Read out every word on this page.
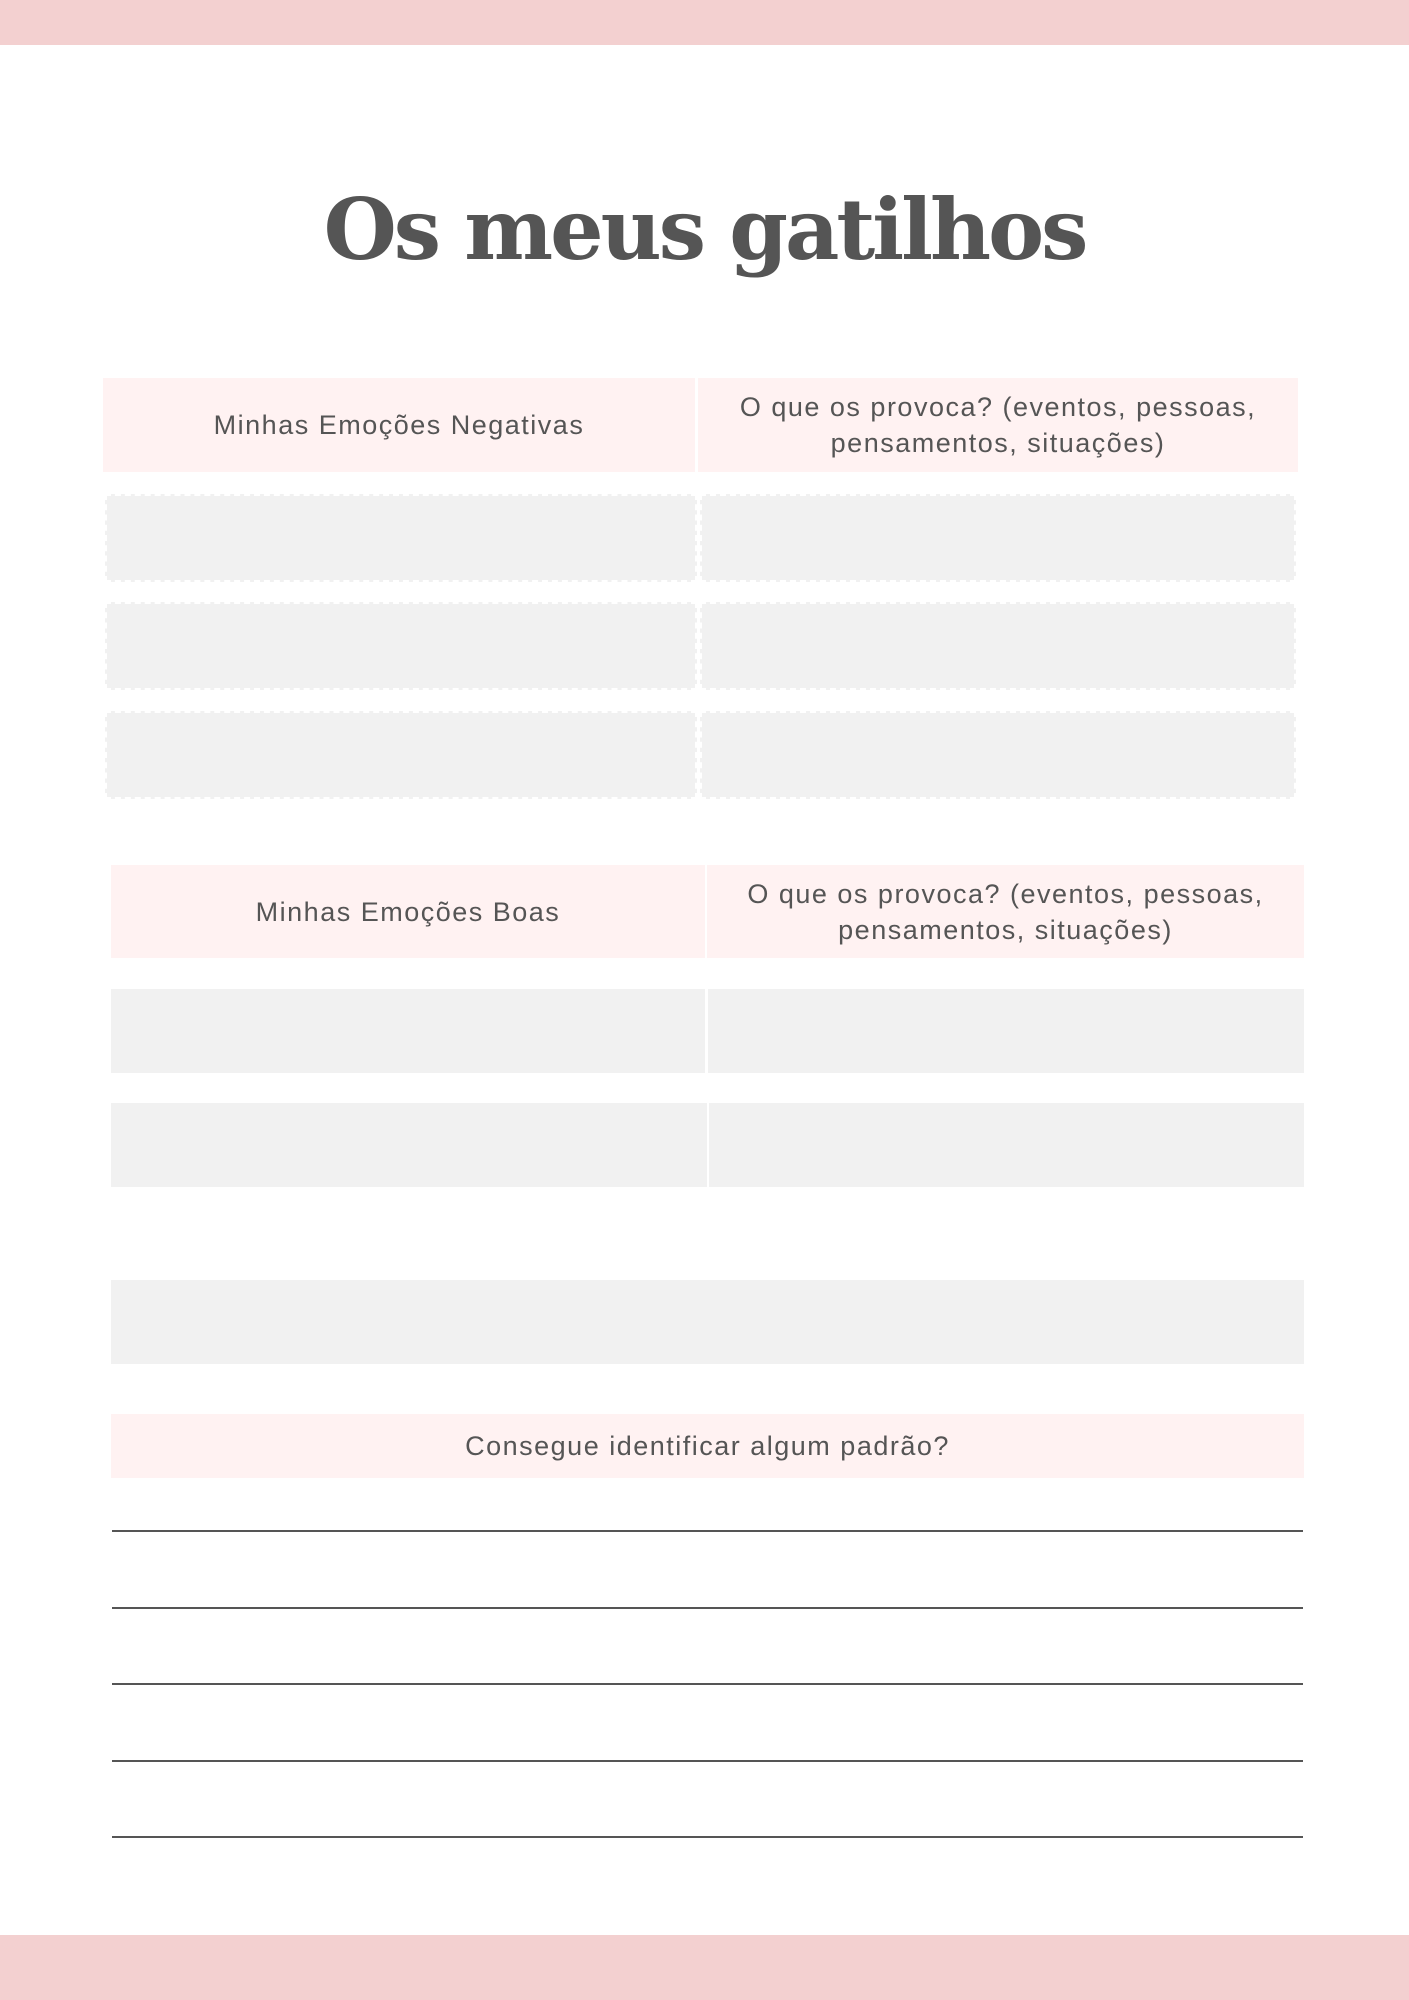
Os meus gatilhos
Minhas Emoções Negativas
O que os provoca? (eventos, pessoas, pensamentos, situações)
Minhas Emoções Boas
O que os provoca? (eventos, pessoas, pensamentos, situações)
Consegue identificar algum padrão?
